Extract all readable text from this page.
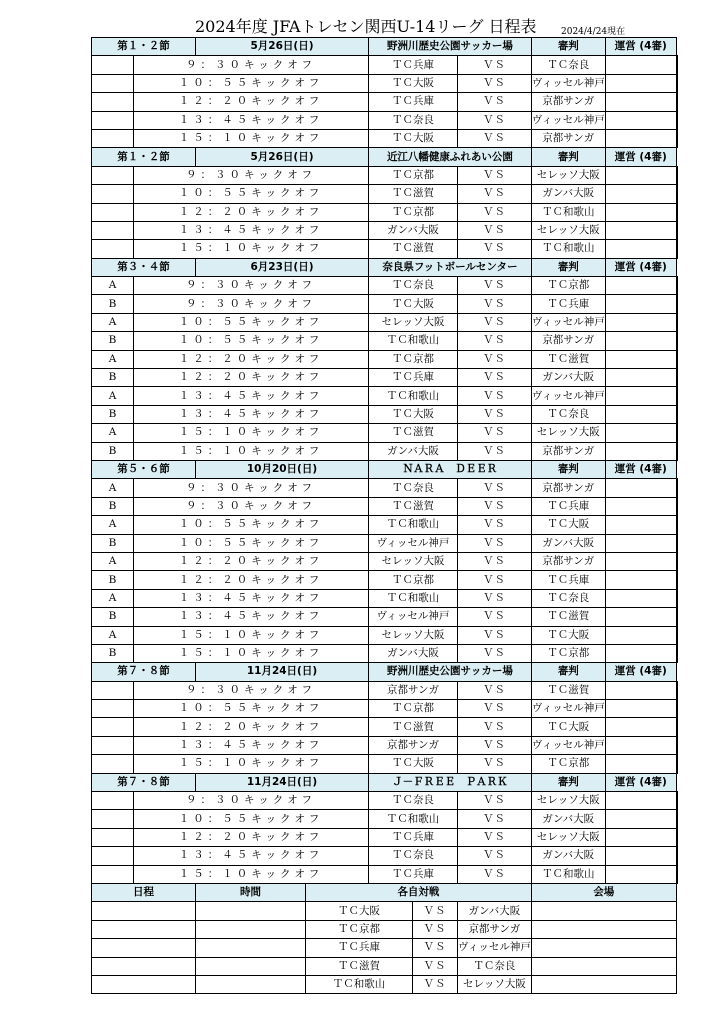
2024年度 JFAトレセン関西U-14リーグ 日程表	2024/4/24現在
第１・２節		5月26日(日)		野洲川歴史公園サッカー場			審判	運営 (4審)	
	９：３０キックオフ			ＴＣ兵庫		ＶＳ	ＴＣ奈良		
	１０：５５キックオフ			ＴＣ大阪		ＶＳ	ヴィッセル神戸		
	１２：２０キックオフ			ＴＣ兵庫		ＶＳ	京都サンガ		
	１３：４５キックオフ			ＴＣ奈良		ＶＳ	ヴィッセル神戸		
	１５：１０キックオフ			ＴＣ大阪		ＶＳ	京都サンガ		
第１・２節		5月26日(日)		近江八幡健康ふれあい公園			審判	運営 (4審)	
	９：３０キックオフ			ＴＣ京都		ＶＳ	セレッソ大阪		
	１０：５５キックオフ			ＴＣ滋賀		ＶＳ	ガンバ大阪		
	１２：２０キックオフ			ＴＣ京都		ＶＳ	ＴＣ和歌山		
	１３：４５キックオフ			ガンバ大阪		ＶＳ	セレッソ大阪		
	１５：１０キックオフ			ＴＣ滋賀		ＶＳ	ＴＣ和歌山		
第３・４節		6月23日(日)		奈良県フットボールセンター			審判	運営 (4審)	
A	９：３０キックオフ			ＴＣ奈良		ＶＳ	ＴＣ京都		
B	９：３０キックオフ			ＴＣ大阪		ＶＳ	ＴＣ兵庫		
A	１０：５５キックオフ			セレッソ大阪		ＶＳ	ヴィッセル神戸		
B	１０：５５キックオフ			ＴＣ和歌山		ＶＳ	京都サンガ		
A	１２：２０キックオフ			ＴＣ京都		ＶＳ	ＴＣ滋賀		
B	１２：２０キックオフ			ＴＣ兵庫		ＶＳ	ガンバ大阪		
A	１３：４５キックオフ			ＴＣ和歌山		ＶＳ	ヴィッセル神戸		
B	１３：４５キックオフ			ＴＣ大阪		ＶＳ	ＴＣ奈良		
A	１５：１０キックオフ			ＴＣ滋賀		ＶＳ	セレッソ大阪		
B	１５：１０キックオフ			ガンバ大阪		ＶＳ	京都サンガ		
第５・６節		10月20日(日)		ＮＡＲＡ　ＤＥＥＲ			審判	運営 (4審)	
A	９：３０キックオフ			ＴＣ奈良		ＶＳ	京都サンガ		
B	９：３０キックオフ			ＴＣ滋賀		ＶＳ	ＴＣ兵庫		
A	１０：５５キックオフ			ＴＣ和歌山		ＶＳ	ＴＣ大阪		
B	１０：５５キックオフ			ヴィッセル神戸		ＶＳ	ガンバ大阪		
A	１２：２０キックオフ			セレッソ大阪		ＶＳ	京都サンガ		
B	１２：２０キックオフ			ＴＣ京都		ＶＳ	ＴＣ兵庫		
A	１３：４５キックオフ			ＴＣ和歌山		ＶＳ	ＴＣ奈良		
B	１３：４５キックオフ			ヴィッセル神戸		ＶＳ	ＴＣ滋賀		
A	１５：１０キックオフ			セレッソ大阪		ＶＳ	ＴＣ大阪		
B	１５：１０キックオフ			ガンバ大阪		ＶＳ	ＴＣ京都		
第７・８節		11月24日(日)		野洲川歴史公園サッカー場			審判	運営 (4審)	
	９：３０キックオフ			京都サンガ		ＶＳ	ＴＣ滋賀		
	１０：５５キックオフ			ＴＣ京都		ＶＳ	ヴィッセル神戸		
	１２：２０キックオフ			ＴＣ滋賀		ＶＳ	ＴＣ大阪		
	１３：４５キックオフ			京都サンガ		ＶＳ	ヴィッセル神戸		
	１５：１０キックオフ			ＴＣ大阪		ＶＳ	ＴＣ京都		
第７・８節		11月24日(日)		Ｊ－ＦＲＥＥ　ＰＡＲＫ			審判	運営 (4審)	
	９：３０キックオフ			ＴＣ奈良		ＶＳ	セレッソ大阪		
	１０：５５キックオフ			ＴＣ和歌山		ＶＳ	ガンバ大阪		
	１２：２０キックオフ			ＴＣ兵庫		ＶＳ	セレッソ大阪		
	１３：４５キックオフ			ＴＣ奈良		ＶＳ	ガンバ大阪		
	１５：１０キックオフ			ＴＣ兵庫		ＶＳ	ＴＣ和歌山		
日程		時間	各自対戦				会場		
			ＴＣ大阪		ＶＳ	ガンバ大阪			
			ＴＣ京都		ＶＳ	京都サンガ			
			ＴＣ兵庫		ＶＳ	ヴィッセル神戸			
			ＴＣ滋賀		ＶＳ	ＴＣ奈良			
			ＴＣ和歌山		ＶＳ	セレッソ大阪			
